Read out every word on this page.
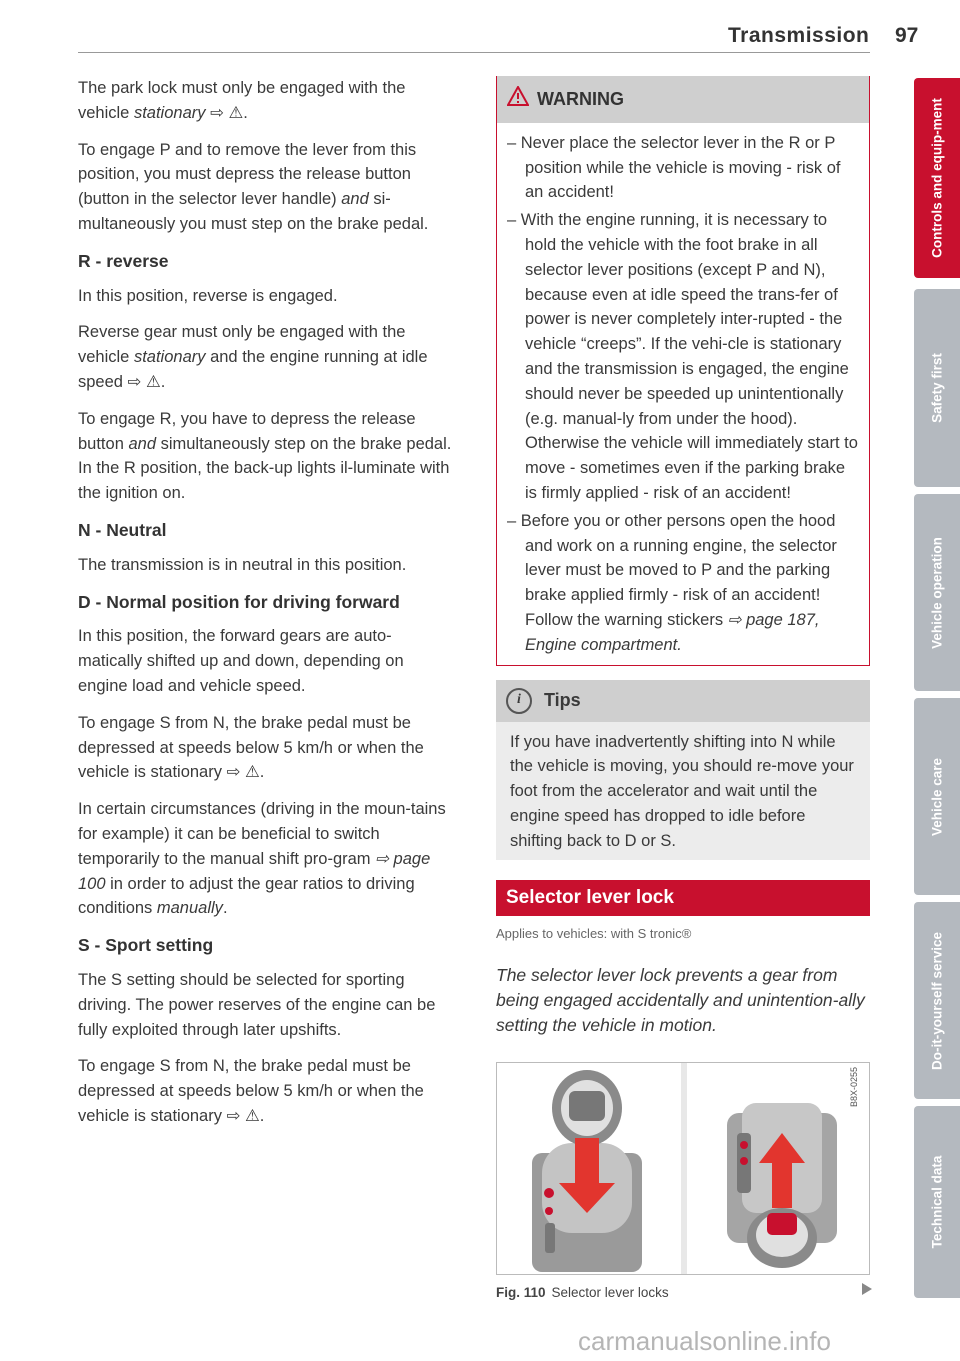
Transmission 97

The park lock must only be engaged with the vehicle stationary ⇨ ⚠.

To engage P and to remove the lever from this position, you must depress the release button (button in the selector lever handle) and si-multaneously you must step on the brake pedal.

R - reverse

In this position, reverse is engaged.

Reverse gear must only be engaged with the vehicle stationary and the engine running at idle speed ⇨ ⚠.

To engage R, you have to depress the release button and simultaneously step on the brake pedal. In the R position, the back-up lights il-luminate with the ignition on.

N - Neutral

The transmission is in neutral in this position.

D - Normal position for driving forward

In this position, the forward gears are auto-matically shifted up and down, depending on engine load and vehicle speed.

To engage S from N, the brake pedal must be depressed at speeds below 5 km/h or when the vehicle is stationary ⇨ ⚠.

In certain circumstances (driving in the moun-tains for example) it can be beneficial to switch temporarily to the manual shift pro-gram ⇨ page 100 in order to adjust the gear ratios to driving conditions manually.

S - Sport setting

The S setting should be selected for sporting driving. The power reserves of the engine can be fully exploited through later upshifts.

To engage S from N, the brake pedal must be depressed at speeds below 5 km/h or when the vehicle is stationary ⇨ ⚠.

WARNING
– Never place the selector lever in the R or P position while the vehicle is moving - risk of an accident!
– With the engine running, it is necessary to hold the vehicle with the foot brake in all selector lever positions (except P and N), because even at idle speed the trans-fer of power is never completely inter-rupted - the vehicle “creeps”. If the vehi-cle is stationary and the transmission is engaged, the engine should never be speeded up unintentionally (e.g. manual-ly from under the hood). Otherwise the vehicle will immediately start to move - sometimes even if the parking brake is firmly applied - risk of an accident!
– Before you or other persons open the hood and work on a running engine, the selector lever must be moved to P and the parking brake applied firmly - risk of an accident! Follow the warning stickers ⇨ page 187, Engine compartment.
i	Tips
If you have inadvertently shifting into N while the vehicle is moving, you should re-move your foot from the accelerator and wait until the engine speed has dropped to idle before shifting back to D or S.
Selector lever lock
Applies to vehicles: with S tronic®
The selector lever lock prevents a gear from being engaged accidentally and unintention-ally setting the vehicle in motion.
B8X-0255
Fig. 110 Selector lever locks
Controls and equip-ment
Safety first
Vehicle operation
Vehicle care
Do-it-yourself service
Technical data
carmanualsonline.info
